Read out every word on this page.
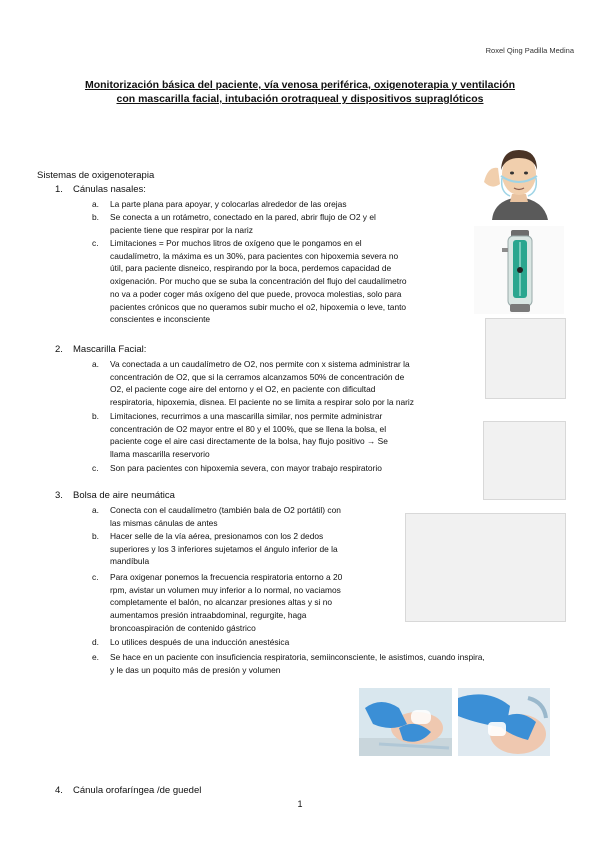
Roxel Qing Padilla Medina
Monitorización básica del paciente, vía venosa periférica, oxigenoterapia y ventilación
con mascarilla facial, intubación orotraqueal y dispositivos supraglóticos
Sistemas de oxigenoterapia
1. Cánulas nasales:
a. La parte plana para apoyar, y colocarlas alrededor de las orejas
b. Se conecta a un rotámetro, conectado en la pared, abrir flujo de O2 y el
paciente tiene que respirar por la nariz
c. Limitaciones = Por muchos litros de oxígeno que le pongamos en el
caudalímetro, la máxima es un 30%, para pacientes con hipoxemia severa no
útil, para paciente disneico, respirando por la boca, perdemos capacidad de
oxigenación. Por mucho que se suba la concentración del flujo del caudalímetro
no va a poder coger más oxígeno del que puede, provoca molestias, solo para
pacientes crónicos que no queramos subir mucho el o2, hipoxemia o leve, tanto
conscientes e inconsciente
2. Mascarilla Facial:
a. Va conectada a un caudalímetro de O2, nos permite con x sistema administrar la
concentración de O2, que si la cerramos alcanzamos 50% de concentración de
O2, el paciente coge aire del entorno y el O2, en paciente con dificultad
respiratoria, hipoxemia, disnea. El paciente no se limita a respirar solo por la nariz
b. Limitaciones, recurrimos a una mascarilla similar, nos permite administrar
concentración de O2 mayor entre el 80 y el 100%, que se llena la bolsa, el
paciente coge el aire casi directamente de la bolsa, hay flujo positivo → Se
llama mascarilla reservorio
c. Son para pacientes con hipoxemia severa, con mayor trabajo respiratorio
3. Bolsa de aire neumática
a. Conecta con el caudalímetro (también bala de O2 portátil) con
las mismas cánulas de antes
b. Hacer selle de la vía aérea, presionamos con los 2 dedos
superiores y los 3 inferiores sujetamos el ángulo inferior de la
mandíbula
c. Para oxigenar ponemos la frecuencia respiratoria entorno a 20
rpm, avistar un volumen muy inferior a lo normal, no vaciamos
completamente el balón, no alcanzar presiones altas y si no
aumentamos presión intraabdominal, regurgite, haga
broncoaspiración de contenido gástrico
d. Lo utilices después de una inducción anestésica
e. Se hace en un paciente con insuficiencia respiratoria, semiinconsciente, le asistimos, cuando inspira,
y le das un poquito más de presión y volumen
4. Cánula orofaríngea /de guedel
1
